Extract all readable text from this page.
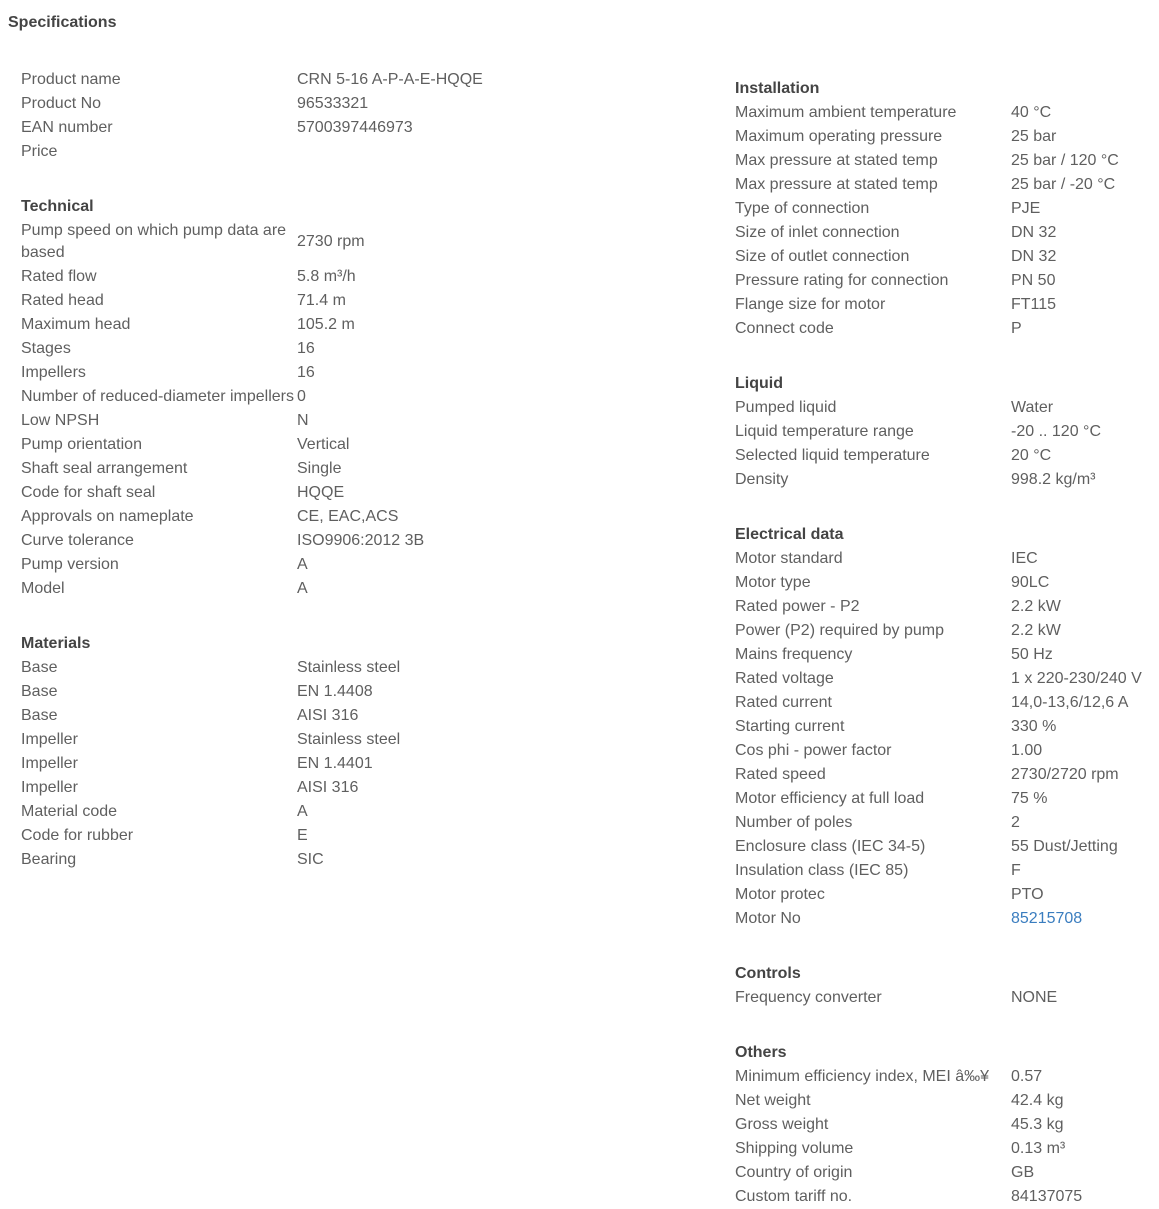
Specifications
Product name	CRN 5-16 A-P-A-E-HQQE
Product No	96533321
EAN number	5700397446973
Price	

Technical	
Pump speed on which pump data are based	2730 rpm
Rated flow	5.8 m³/h
Rated head	71.4 m
Maximum head	105.2 m
Stages	16
Impellers	16
Number of reduced-diameter impellers	0
Low NPSH	N
Pump orientation	Vertical
Shaft seal arrangement	Single
Code for shaft seal	HQQE
Approvals on nameplate	CE, EAC,ACS
Curve tolerance	ISO9906:2012 3B
Pump version	A
Model	A

Materials	
Base	Stainless steel
Base	EN 1.4408
Base	AISI 316
Impeller	Stainless steel
Impeller	EN 1.4401
Impeller	AISI 316
Material code	A
Code for rubber	E
Bearing	SIC
Installation	
Maximum ambient temperature	40 °C
Maximum operating pressure	25 bar
Max pressure at stated temp	25 bar / 120 °C
Max pressure at stated temp	25 bar / -20 °C
Type of connection	PJE
Size of inlet connection	DN 32
Size of outlet connection	DN 32
Pressure rating for connection	PN 50
Flange size for motor	FT115
Connect code	P

Liquid	
Pumped liquid	Water
Liquid temperature range	-20 .. 120 °C
Selected liquid temperature	20 °C
Density	998.2 kg/m³

Electrical data	
Motor standard	IEC
Motor type	90LC
Rated power - P2	2.2 kW
Power (P2) required by pump	2.2 kW
Mains frequency	50 Hz
Rated voltage	1 x 220-230/240 V
Rated current	14,0-13,6/12,6 A
Starting current	330 %
Cos phi - power factor	1.00
Rated speed	2730/2720 rpm
Motor efficiency at full load	75 %
Number of poles	2
Enclosure class (IEC 34-5)	55 Dust/Jetting
Insulation class (IEC 85)	F
Motor protec	PTO
Motor No	85215708

Controls	
Frequency converter	NONE

Others	
Minimum efficiency index, MEI â‰¥	0.57
Net weight	42.4 kg
Gross weight	45.3 kg
Shipping volume	0.13 m³
Country of origin	GB
Custom tariff no.	84137075
